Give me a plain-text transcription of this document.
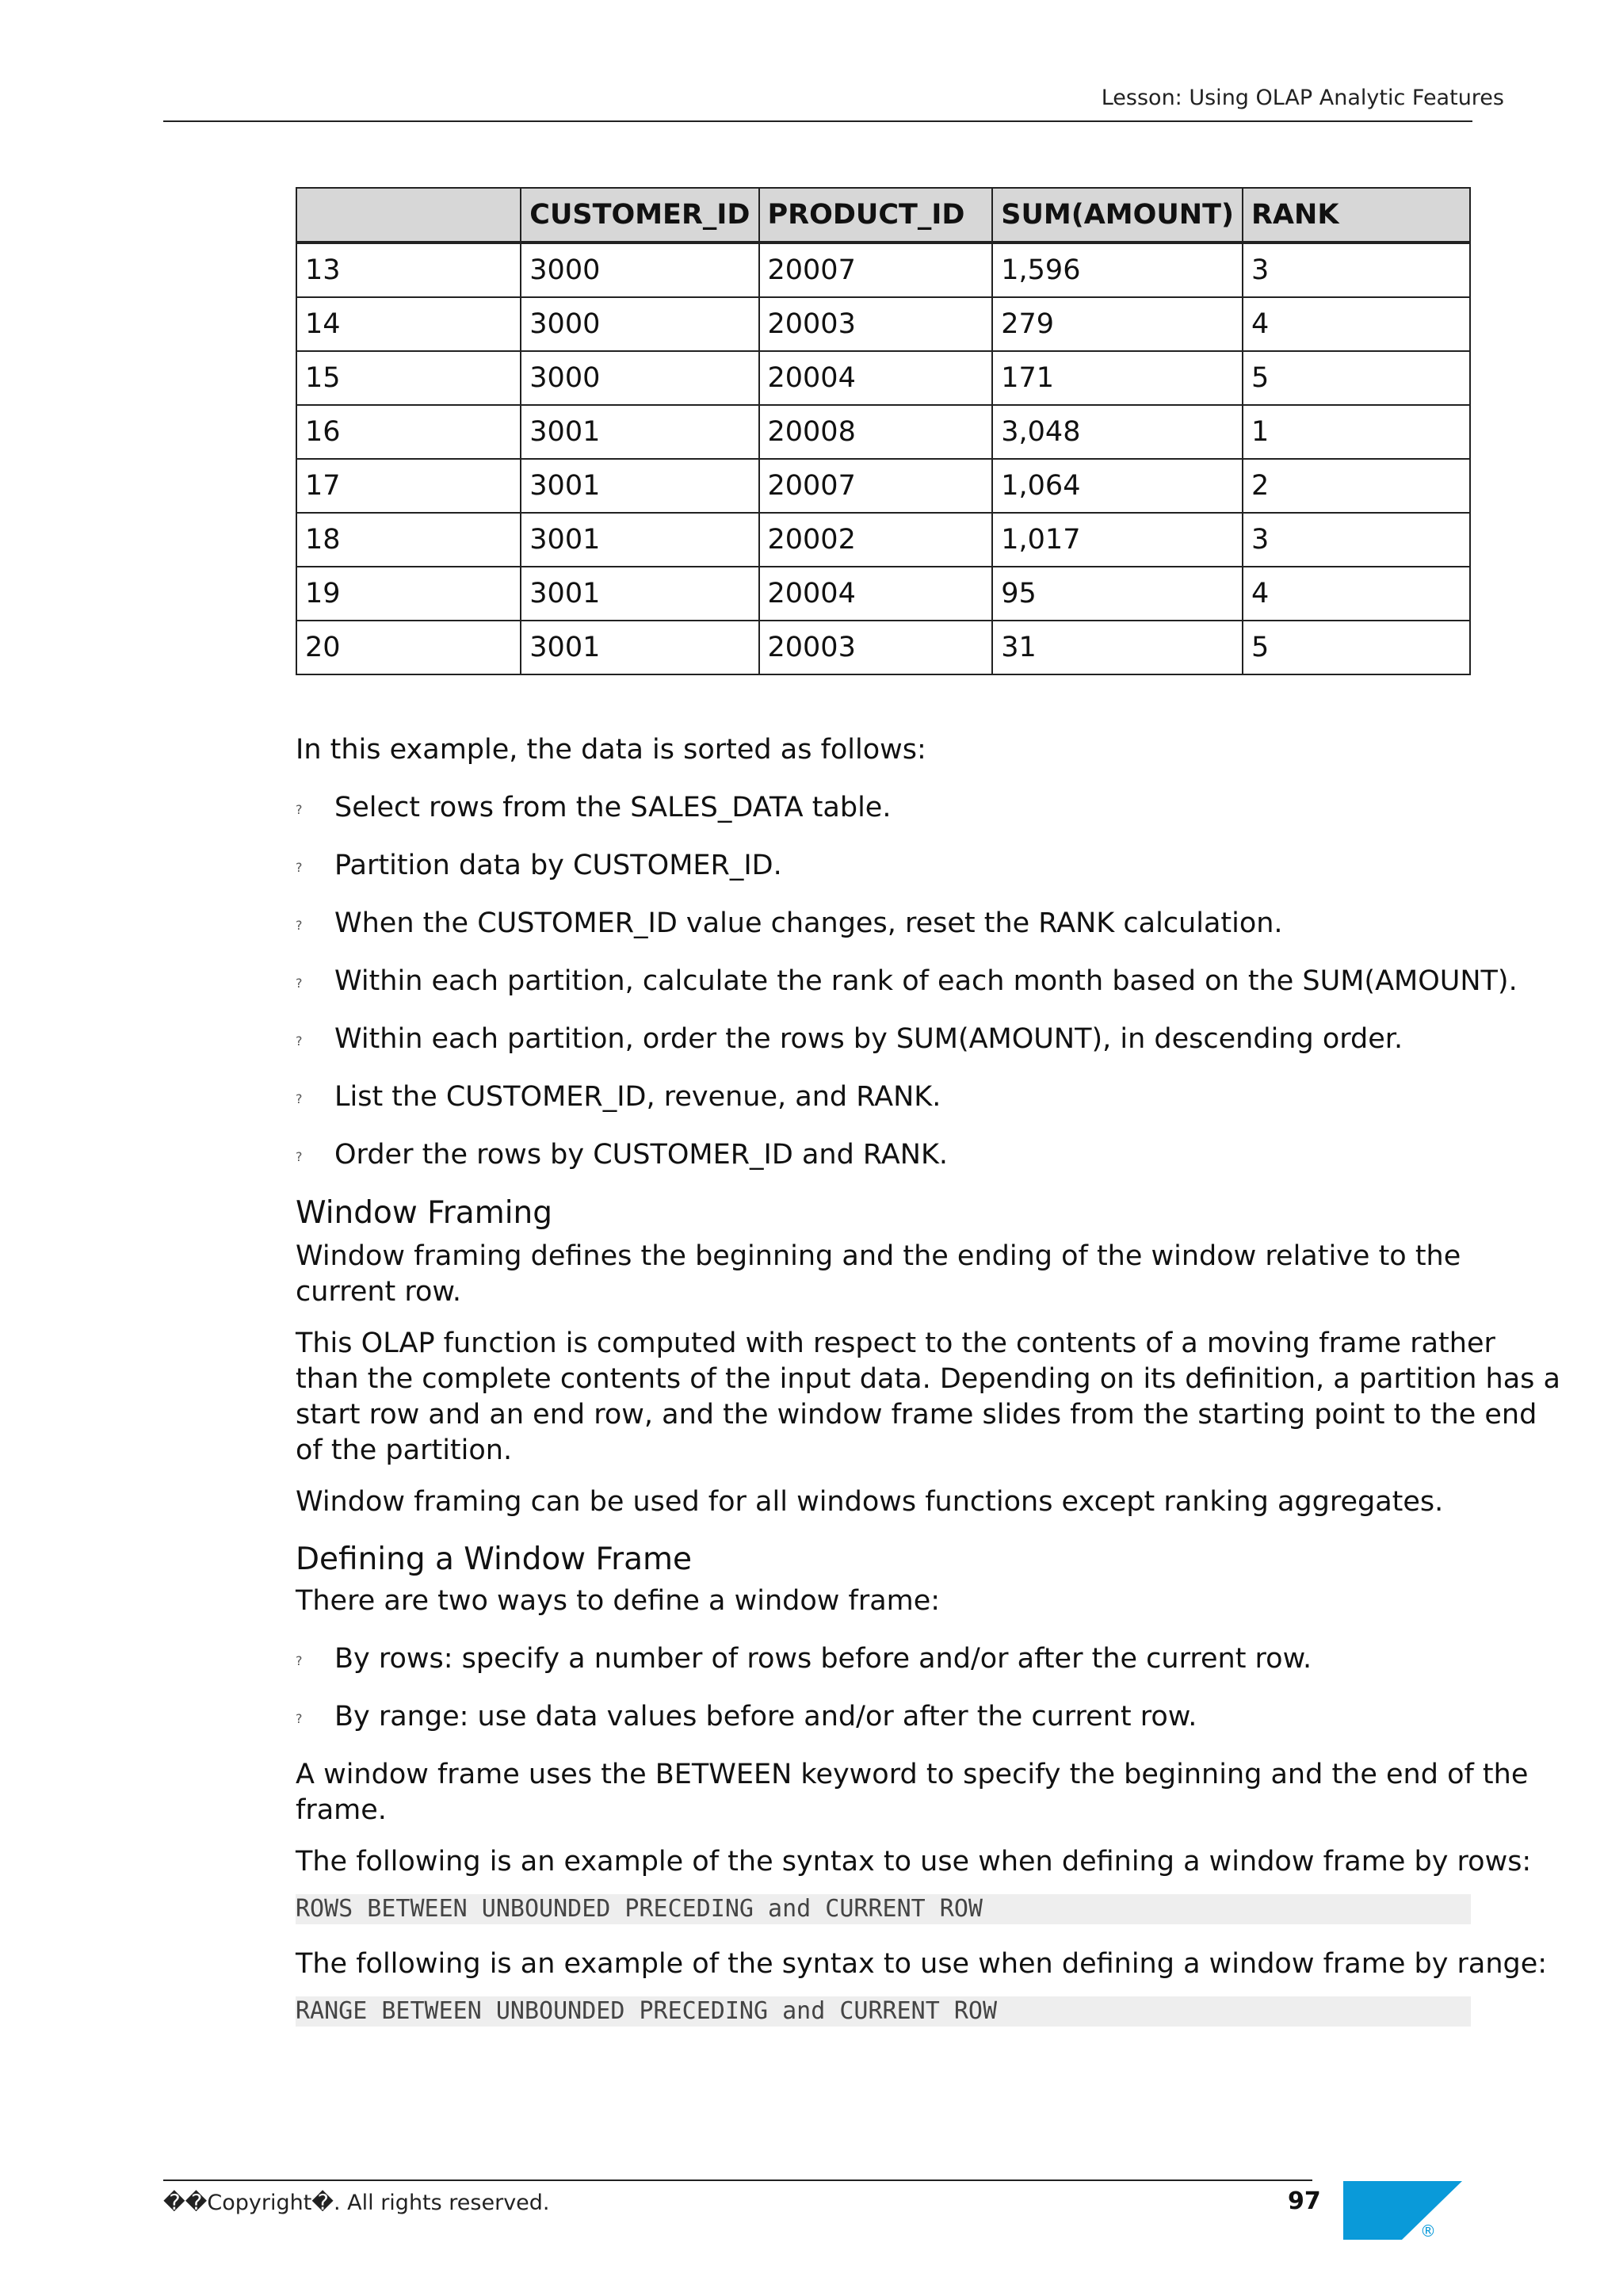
Lesson: Using OLAP Analytic Features
	CUSTOMER_ID	PRODUCT_ID	SUM(AMOUNT)	RANK
13	3000	20007	1,596	3
14	3000	20003	279	4
15	3000	20004	171	5
16	3001	20008	3,048	1
17	3001	20007	1,064	2
18	3001	20002	1,017	3
19	3001	20004	95	4
20	3001	20003	31	5

In this example, the data is sorted as follows:

? Select rows from the SALES_DATA table.
? Partition data by CUSTOMER_ID.
? When the CUSTOMER_ID value changes, reset the RANK calculation.
? Within each partition, calculate the rank of each month based on the SUM(AMOUNT).
? Within each partition, order the rows by SUM(AMOUNT), in descending order.
? List the CUSTOMER_ID, revenue, and RANK.
? Order the rows by CUSTOMER_ID and RANK.
Window Framing

Window framing defines the beginning and the ending of the window relative to the current row.

This OLAP function is computed with respect to the contents of a moving frame rather than the complete contents of the input data. Depending on its definition, a partition has a start row and an end row, and the window frame slides from the starting point to the end of the partition.

Window framing can be used for all windows functions except ranking aggregates.

Defining a Window Frame

There are two ways to define a window frame:

? By rows: specify a number of rows before and/or after the current row.
? By range: use data values before and/or after the current row.

A window frame uses the BETWEEN keyword to specify the beginning and the end of the frame.

The following is an example of the syntax to use when defining a window frame by rows:

ROWS BETWEEN UNBOUNDED PRECEDING and CURRENT ROW

The following is an example of the syntax to use when defining a window frame by range:

RANGE BETWEEN UNBOUNDED PRECEDING and CURRENT ROW
��Copyright�. All rights reserved.	97
®
